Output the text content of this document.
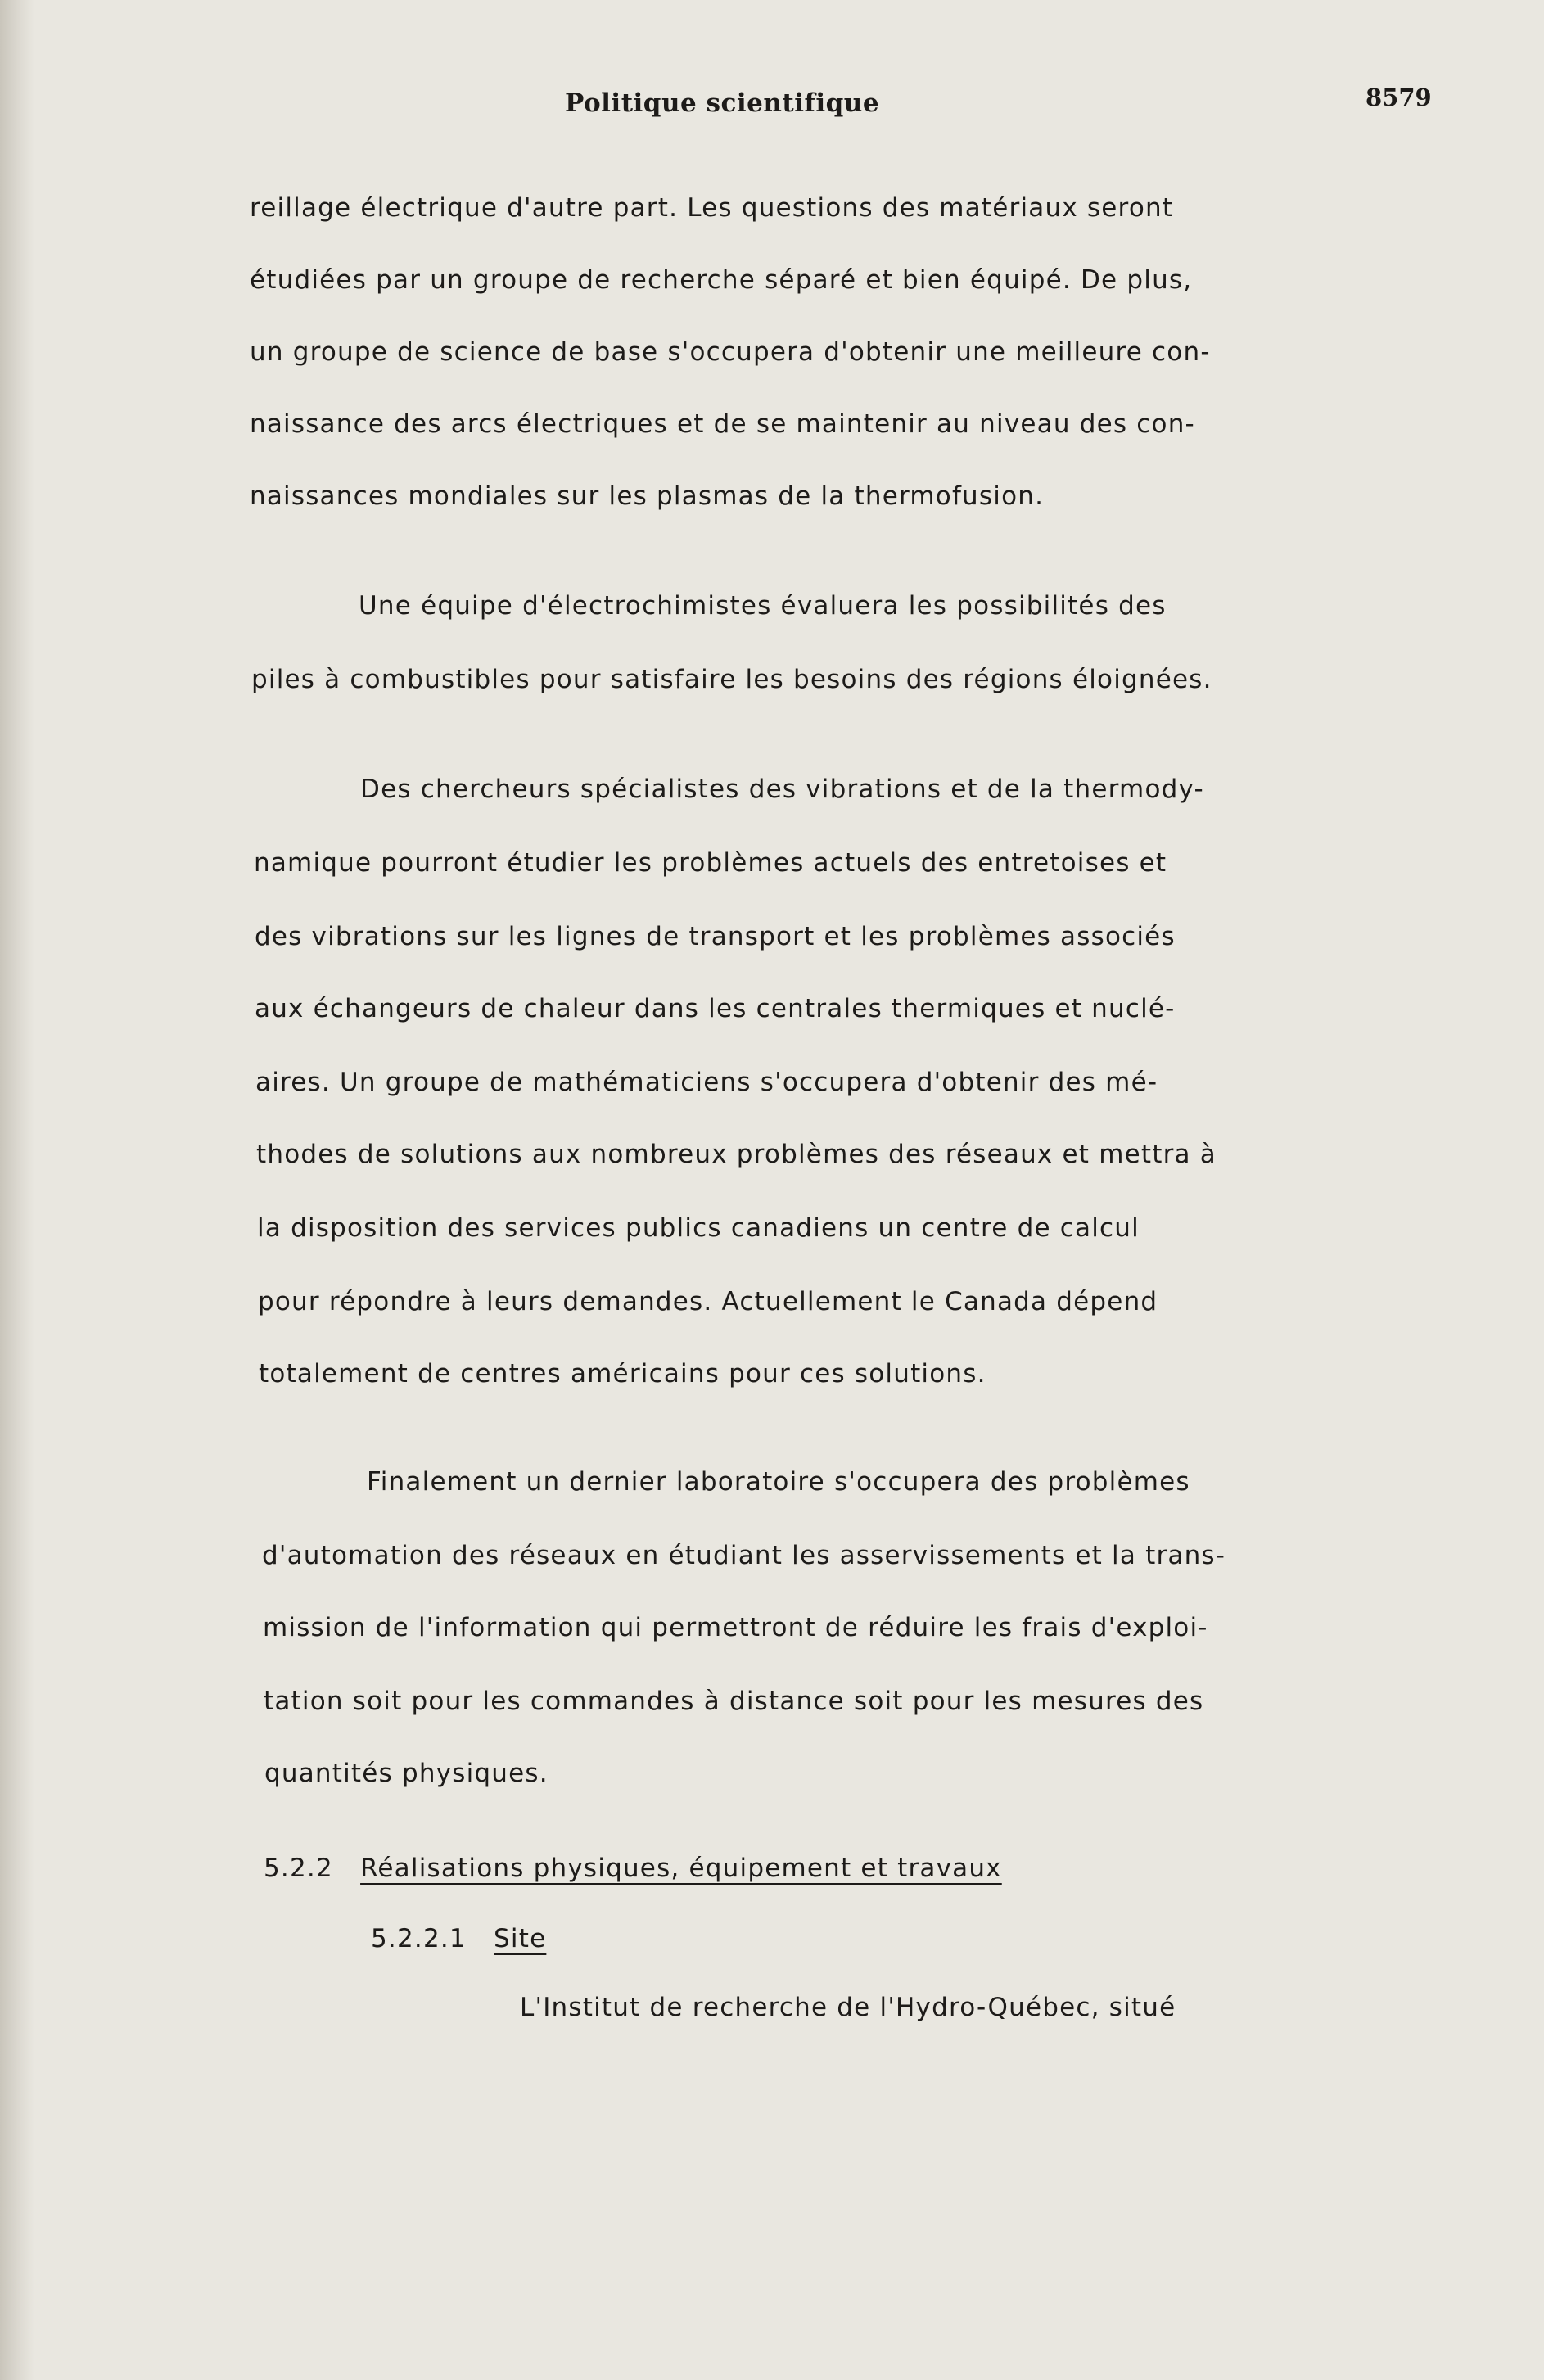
Politique scientifique	8579
reillage électrique d'autre part. Les questions des matériaux seront
étudiées par un groupe de recherche séparé et bien équipé. De plus,
un groupe de science de base s'occupera d'obtenir une meilleure con-
naissance des arcs électriques et de se maintenir au niveau des con-
naissances mondiales sur les plasmas de la thermofusion.
Une équipe d'électrochimistes évaluera les possibilités des
piles à combustibles pour satisfaire les besoins des régions éloignées.
Des chercheurs spécialistes des vibrations et de la thermody-
namique pourront étudier les problèmes actuels des entretoises et
des vibrations sur les lignes de transport et les problèmes associés
aux échangeurs de chaleur dans les centrales thermiques et nuclé-
aires. Un groupe de mathématiciens s'occupera d'obtenir des mé-
thodes de solutions aux nombreux problèmes des réseaux et mettra à
la disposition des services publics canadiens un centre de calcul
pour répondre à leurs demandes. Actuellement le Canada dépend
totalement de centres américains pour ces solutions.
Finalement un dernier laboratoire s'occupera des problèmes
d'automation des réseaux en étudiant les asservissements et la trans-
mission de l'information qui permettront de réduire les frais d'exploi-
tation soit pour les commandes à distance soit pour les mesures des
quantités physiques.
5.2.2 Réalisations physiques, équipement et travaux
5.2.2.1 Site
L'Institut de recherche de l'Hydro-Québec, situé
